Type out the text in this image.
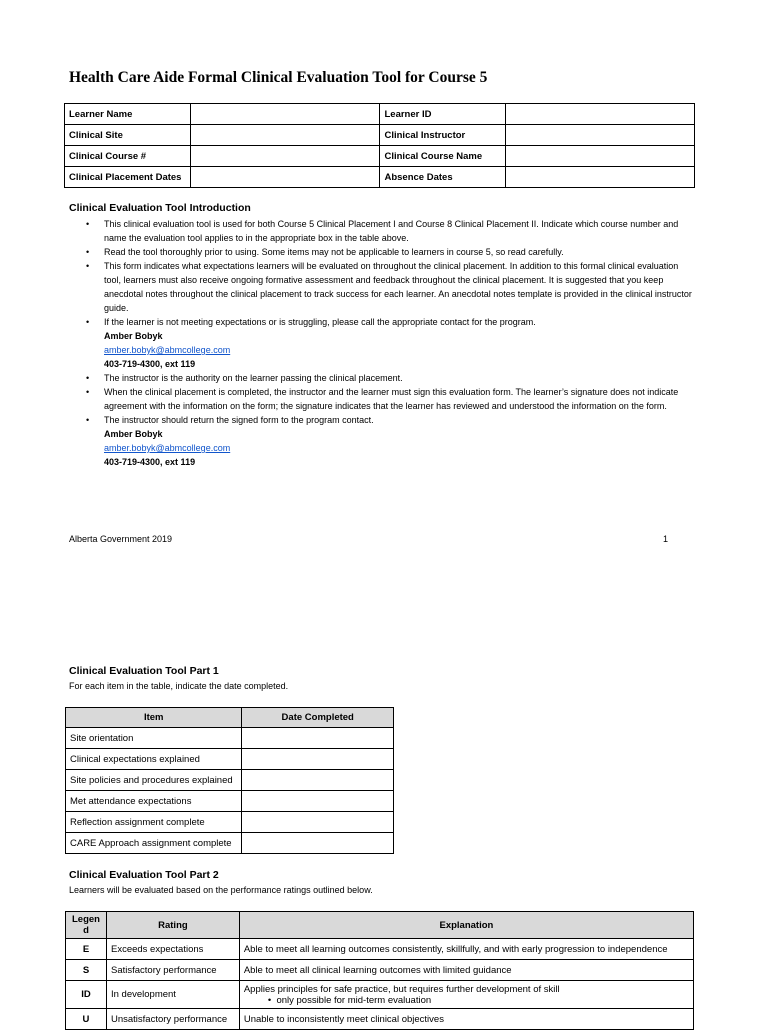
Health Care Aide Formal Clinical Evaluation Tool for Course 5
Learner Name		Learner ID	
Clinical Site		Clinical Instructor	
Clinical Course #		Clinical Course Name	
Clinical Placement Dates		Absence Dates	
Clinical Evaluation Tool Introduction
• This clinical evaluation tool is used for both Course 5 Clinical Placement I and Course 8 Clinical Placement II. Indicate which course number and name the evaluation tool applies to in the appropriate box in the table above.
• Read the tool thoroughly prior to using. Some items may not be applicable to learners in course 5, so read carefully.
• This form indicates what expectations learners will be evaluated on throughout the clinical placement. In addition to this formal clinical evaluation tool, learners must also receive ongoing formative assessment and feedback throughout the clinical placement. It is suggested that you keep anecdotal notes throughout the clinical placement to track success for each learner. An anecdotal notes template is provided in the clinical instructor guide.
• If the learner is not meeting expectations or is struggling, please call the appropriate contact for the program.
Amber Bobyk
amber.bobyk@abmcollege.com
403-719-4300, ext 119
• The instructor is the authority on the learner passing the clinical placement.
• When the clinical placement is completed, the instructor and the learner must sign this evaluation form. The learner’s signature does not indicate agreement with the information on the form; the signature indicates that the learner has reviewed and understood the information on the form.
• The instructor should return the signed form to the program contact.
Amber Bobyk
amber.bobyk@abmcollege.com
403-719-4300, ext 119
Alberta Government 2019	1
Clinical Evaluation Tool Part 1
For each item in the table, indicate the date completed.
Item	Date Completed
Site orientation	
Clinical expectations explained	
Site policies and procedures explained	
Met attendance expectations	
Reflection assignment complete	
CARE Approach assignment complete	
Clinical Evaluation Tool Part 2
Learners will be evaluated based on the performance ratings outlined below.
Legen d	Rating	Explanation
E	Exceeds expectations	Able to meet all learning outcomes consistently, skillfully, and with early progression to independence
S	Satisfactory performance	Able to meet all clinical learning outcomes with limited guidance
ID	In development	Applies principles for safe practice, but requires further development of skill
• only possible for mid-term evaluation

U	Unsatisfactory performance	Unable to inconsistently meet clinical objectives
